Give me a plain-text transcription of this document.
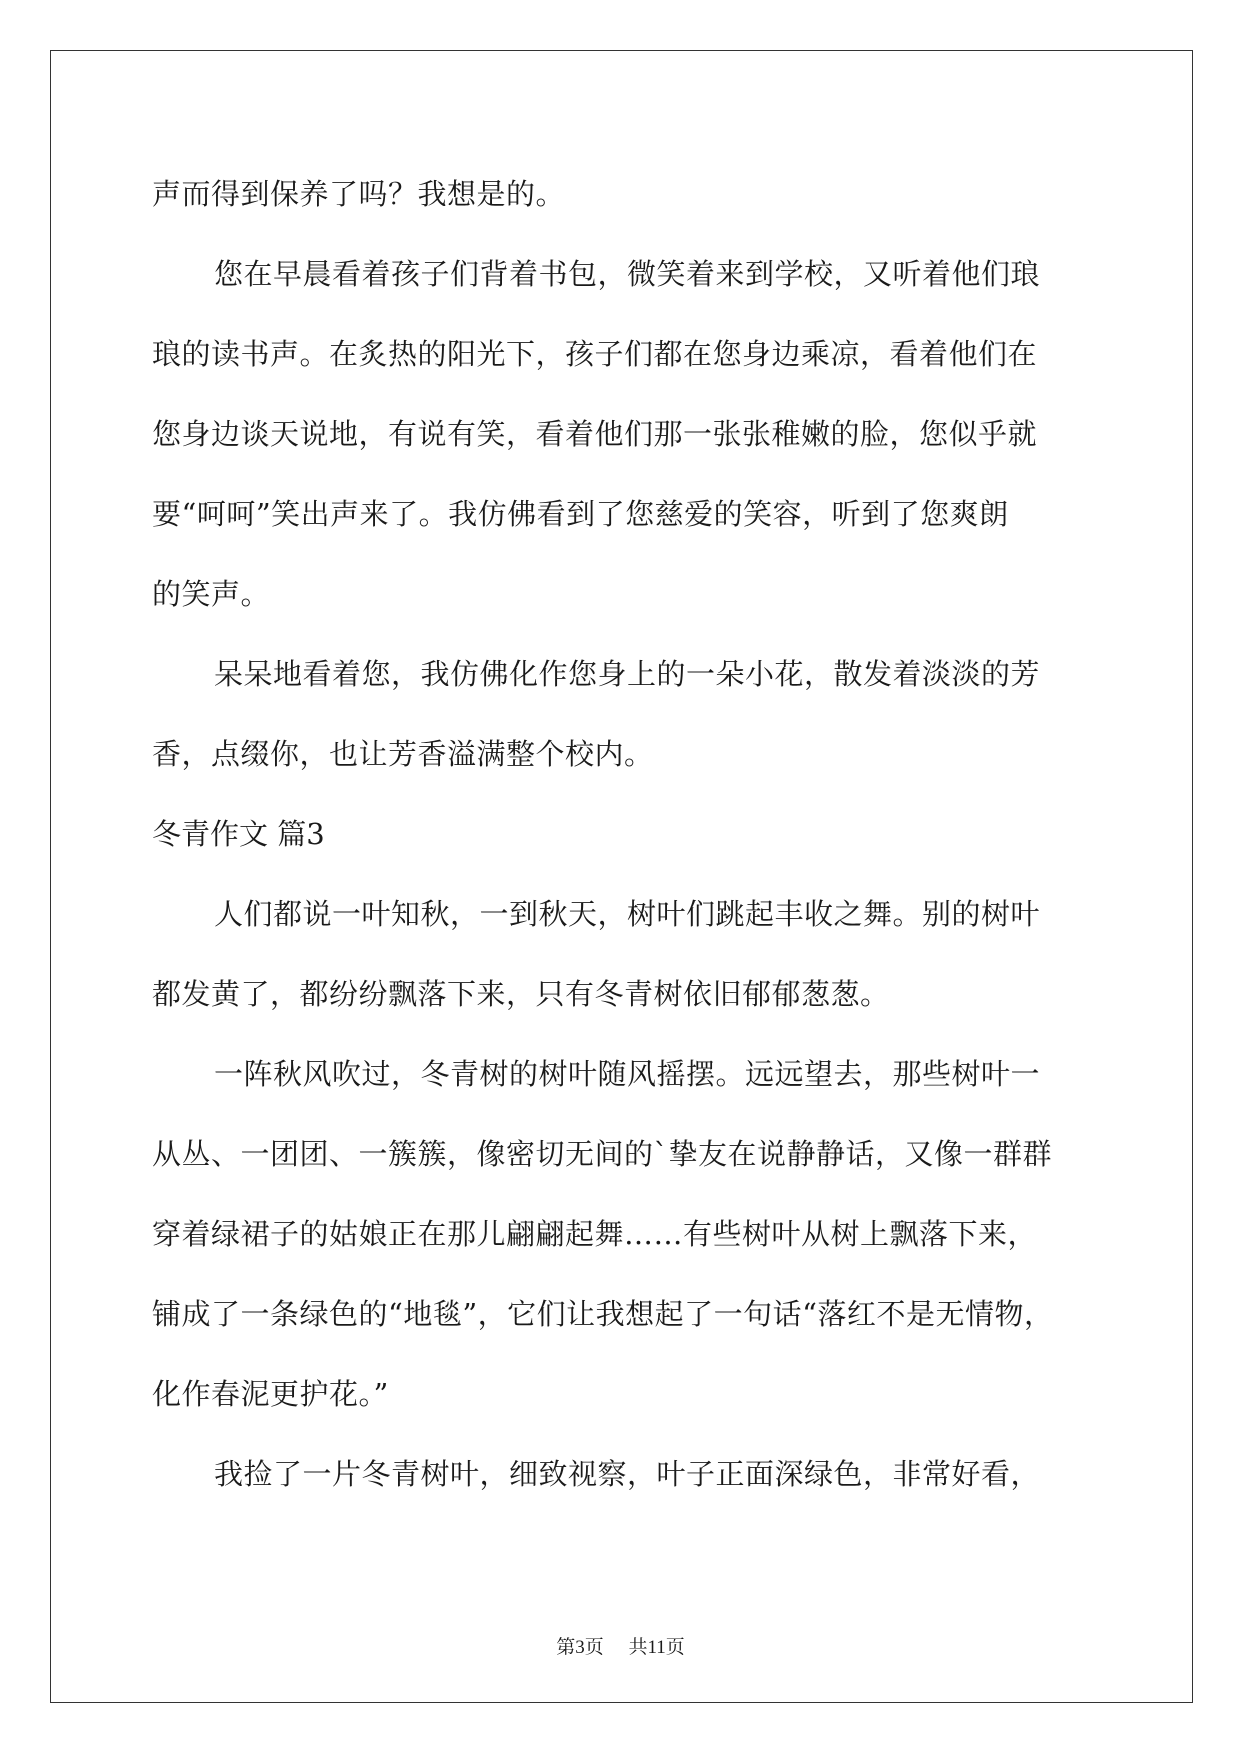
声而得到保养了吗？我想是的。
您在早晨看着孩子们背着书包，微笑着来到学校，又听着他们琅
琅的读书声。在炙热的阳光下，孩子们都在您身边乘凉，看着他们在
您身边谈天说地，有说有笑，看着他们那一张张稚嫩的脸，您似乎就
要“呵呵”笑出声来了。我仿佛看到了您慈爱的笑容，听到了您爽朗
的笑声。
呆呆地看着您，我仿佛化作您身上的一朵小花，散发着淡淡的芳
香，点缀你，也让芳香溢满整个校内。
冬青作文 篇3
人们都说一叶知秋，一到秋天，树叶们跳起丰收之舞。别的树叶
都发黄了，都纷纷飘落下来，只有冬青树依旧郁郁葱葱。
一阵秋风吹过，冬青树的树叶随风摇摆。远远望去，那些树叶一
从丛、一团团、一簇簇，像密切无间的`挚友在说静静话，又像一群群
穿着绿裙子的姑娘正在那儿翩翩起舞……有些树叶从树上飘落下来，
铺成了一条绿色的“地毯”，它们让我想起了一句话“落红不是无情物，
化作春泥更护花。”
我捡了一片冬青树叶，细致视察，叶子正面深绿色，非常好看，
第3页 共11页
